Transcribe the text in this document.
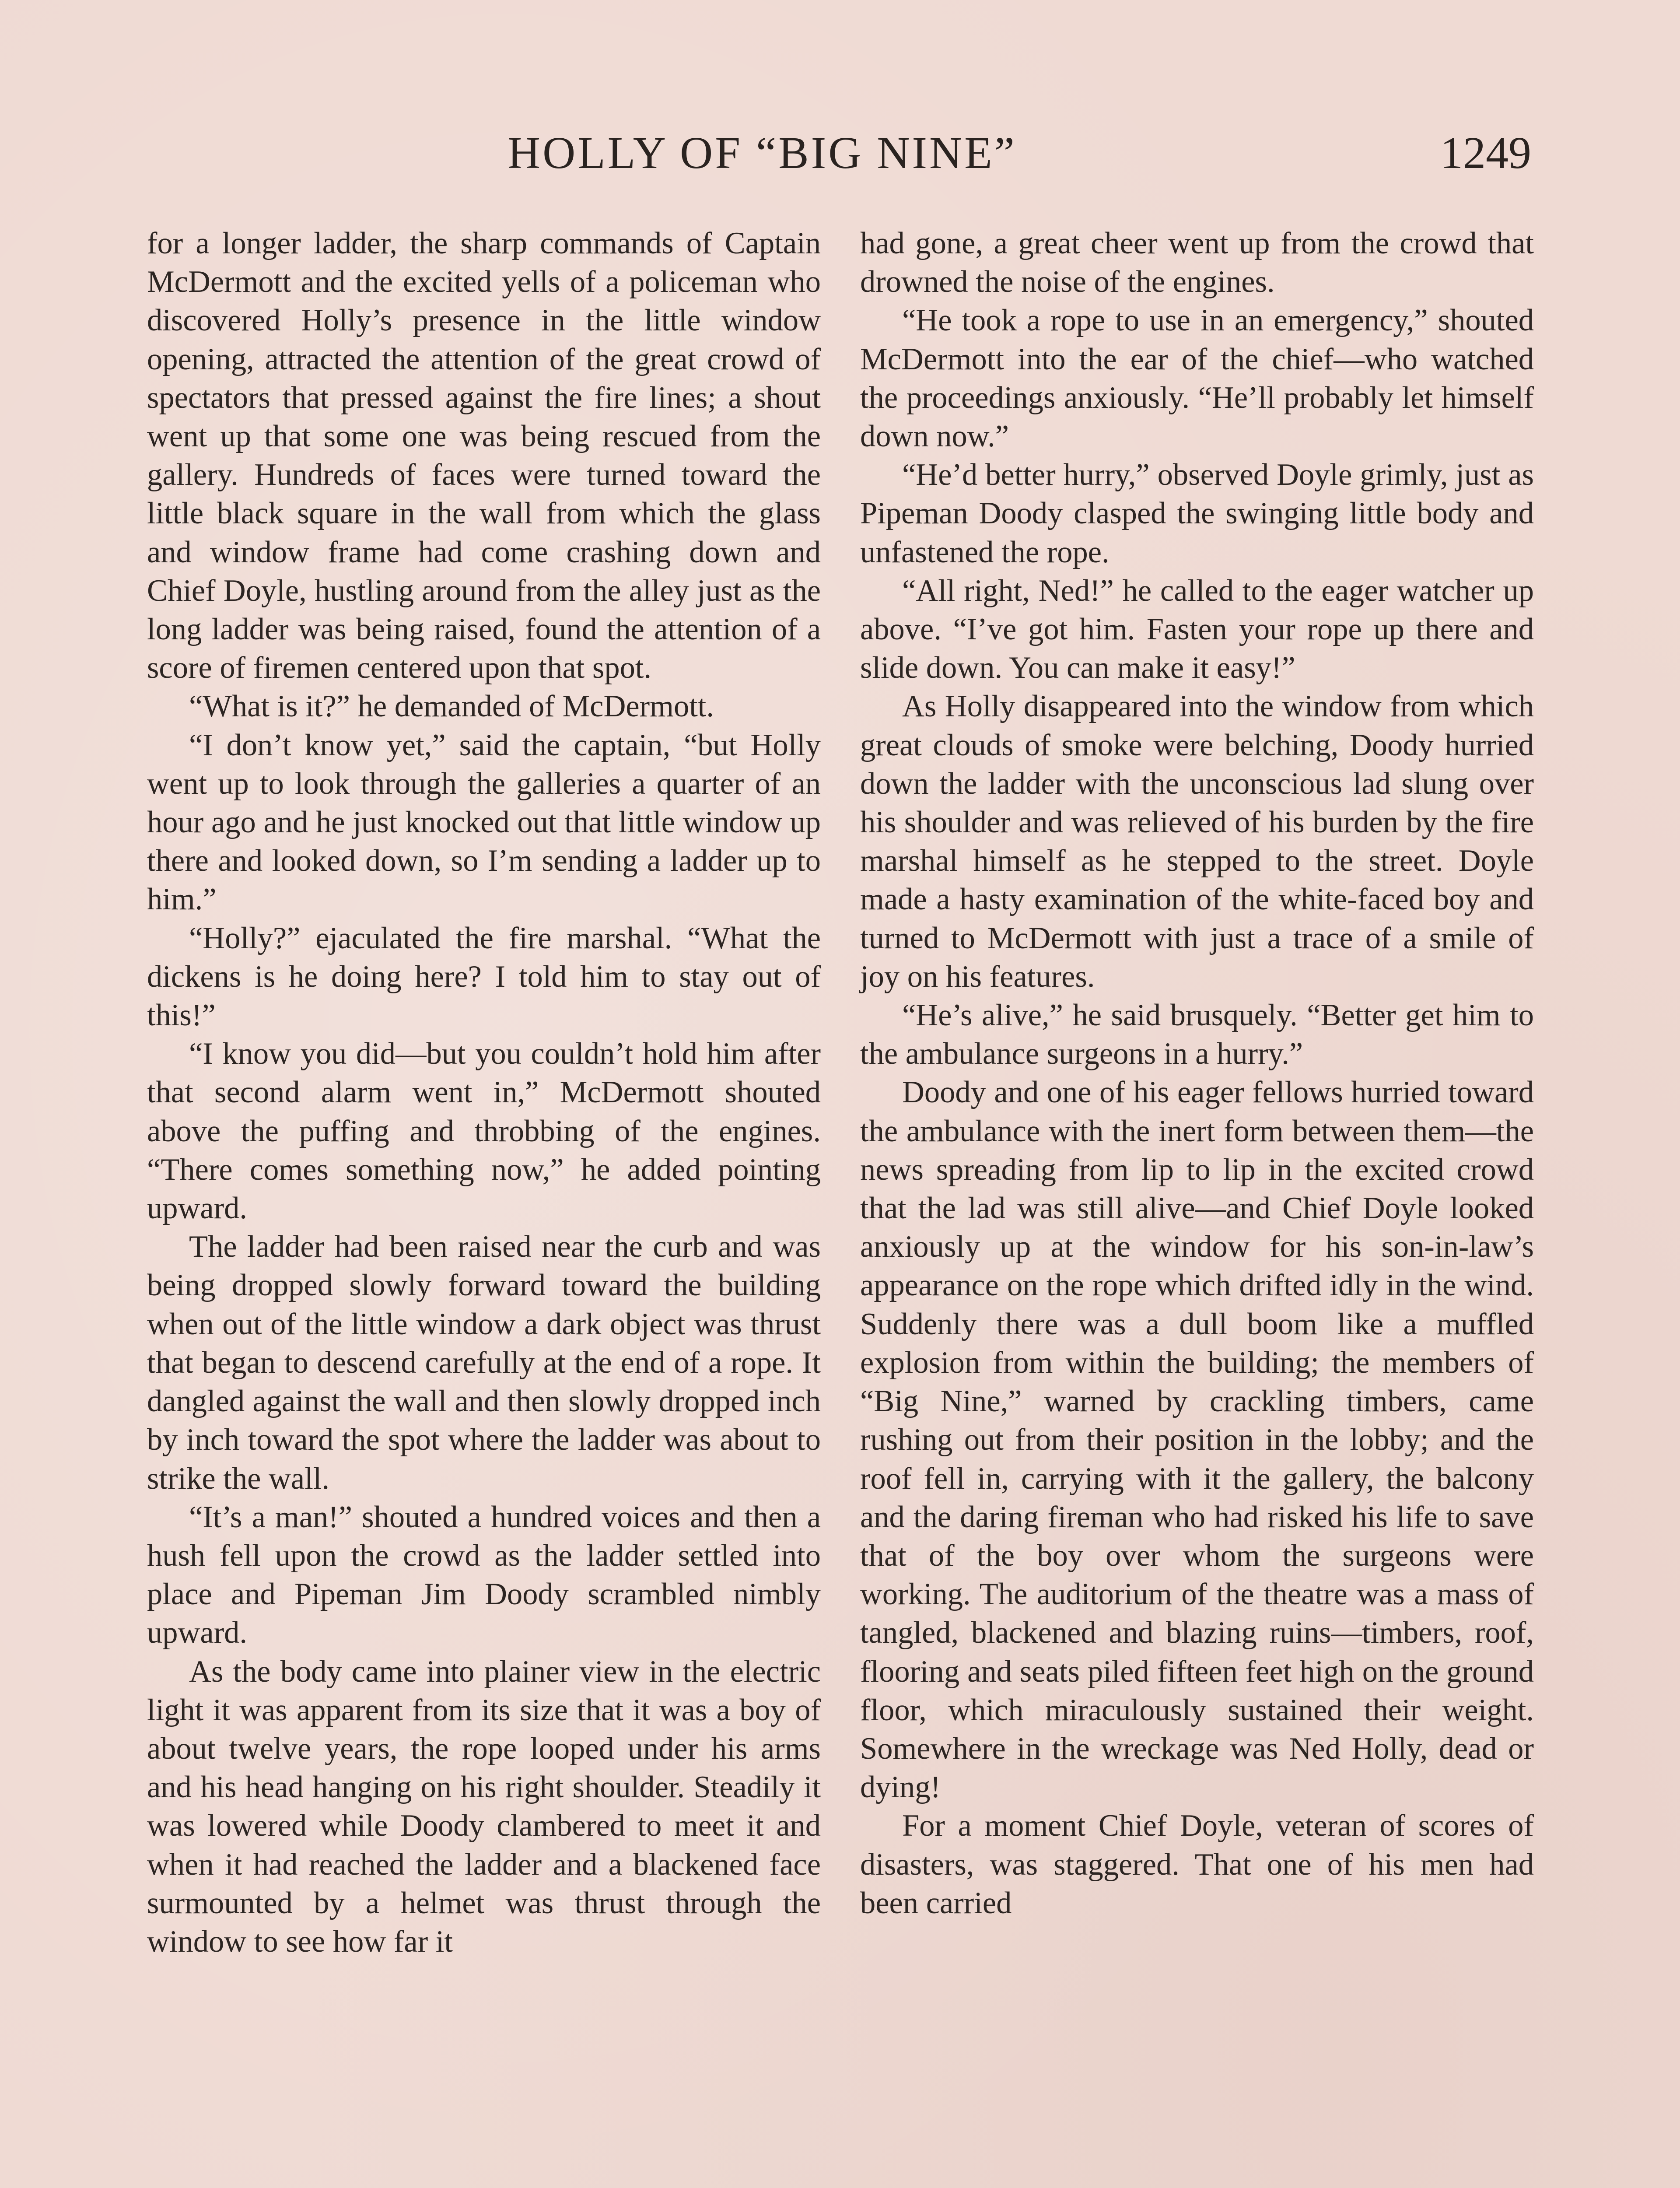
HOLLY OF “BIG NINE”	1249

for a longer ladder, the sharp commands of Captain McDermott and the excited yells of a policeman who discovered Holly’s presence in the little window opening, attracted the attention of the great crowd of spectators that pressed against the fire lines; a shout went up that some one was being rescued from the gallery. Hundreds of faces were turned toward the little black square in the wall from which the glass and window frame had come crashing down and Chief Doyle, hustling around from the alley just as the long ladder was being raised, found the attention of a score of firemen centered upon that spot.

“What is it?” he demanded of McDermott.

“I don’t know yet,” said the captain, “but Holly went up to look through the galleries a quarter of an hour ago and he just knocked out that little window up there and looked down, so I’m sending a ladder up to him.”

“Holly?” ejaculated the fire marshal. “What the dickens is he doing here? I told him to stay out of this!”

“I know you did—but you couldn’t hold him after that second alarm went in,” McDermott shouted above the puffing and throbbing of the engines. “There comes something now,” he added pointing upward.

The ladder had been raised near the curb and was being dropped slowly forward toward the building when out of the little window a dark object was thrust that began to descend carefully at the end of a rope. It dangled against the wall and then slowly dropped inch by inch toward the spot where the ladder was about to strike the wall.

“It’s a man!” shouted a hundred voices and then a hush fell upon the crowd as the ladder settled into place and Pipeman Jim Doody scrambled nimbly upward.

As the body came into plainer view in the electric light it was apparent from its size that it was a boy of about twelve years, the rope looped under his arms and his head hanging on his right shoulder. Steadily it was lowered while Doody clambered to meet it and when it had reached the ladder and a blackened face surmounted by a helmet was thrust through the window to see how far it

had gone, a great cheer went up from the crowd that drowned the noise of the engines.

“He took a rope to use in an emergency,” shouted McDermott into the ear of the chief—who watched the proceedings anxiously. “He’ll probably let himself down now.”

“He’d better hurry,” observed Doyle grimly, just as Pipeman Doody clasped the swinging little body and unfastened the rope.

“All right, Ned!” he called to the eager watcher up above. “I’ve got him. Fasten your rope up there and slide down. You can make it easy!”

As Holly disappeared into the window from which great clouds of smoke were belching, Doody hurried down the ladder with the unconscious lad slung over his shoulder and was relieved of his burden by the fire marshal himself as he stepped to the street. Doyle made a hasty examination of the white-faced boy and turned to McDermott with just a trace of a smile of joy on his features.

“He’s alive,” he said brusquely. “Better get him to the ambulance surgeons in a hurry.”

Doody and one of his eager fellows hurried toward the ambulance with the inert form between them—the news spreading from lip to lip in the excited crowd that the lad was still alive—and Chief Doyle looked anxiously up at the window for his son-in-law’s appearance on the rope which drifted idly in the wind. Suddenly there was a dull boom like a muffled explosion from within the building; the members of “Big Nine,” warned by crackling timbers, came rushing out from their position in the lobby; and the roof fell in, carrying with it the gallery, the balcony and the daring fireman who had risked his life to save that of the boy over whom the surgeons were working. The auditorium of the theatre was a mass of tangled, blackened and blazing ruins—timbers, roof, flooring and seats piled fifteen feet high on the ground floor, which miraculously sustained their weight. Somewhere in the wreckage was Ned Holly, dead or dying!

For a moment Chief Doyle, veteran of scores of disasters, was staggered. That one of his men had been carried
